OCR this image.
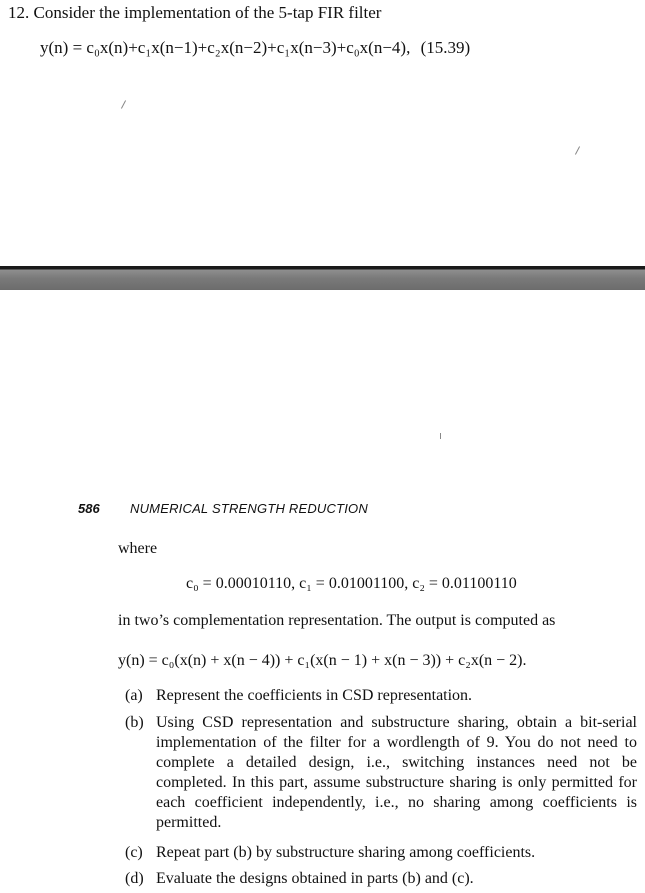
12. Consider the implementation of the 5-tap FIR filter
y(n) = c₀x(n)+c₁x(n−1)+c₂x(n−2)+c₁x(n−3)+c₀x(n−4), (15.39)
586 NUMERICAL STRENGTH REDUCTION
where
c₀ = 0.00010110, c₁ = 0.01001100, c₂ = 0.01100110
in two’s complementation representation. The output is computed as
y(n) = c₀(x(n) + x(n − 4)) + c₁(x(n − 1) + x(n − 3)) + c₂x(n − 2).
(a) Represent the coefficients in CSD representation.
(b) Using CSD representation and substructure sharing, obtain a bit-serial implementation of the filter for a wordlength of 9. You do not need to complete a detailed design, i.e., switching instances need not be completed. In this part, assume substructure sharing is only permitted for each coefficient independently, i.e., no sharing among coefficients is permitted.
(c) Repeat part (b) by substructure sharing among coefficients.
(d) Evaluate the designs obtained in parts (b) and (c).
